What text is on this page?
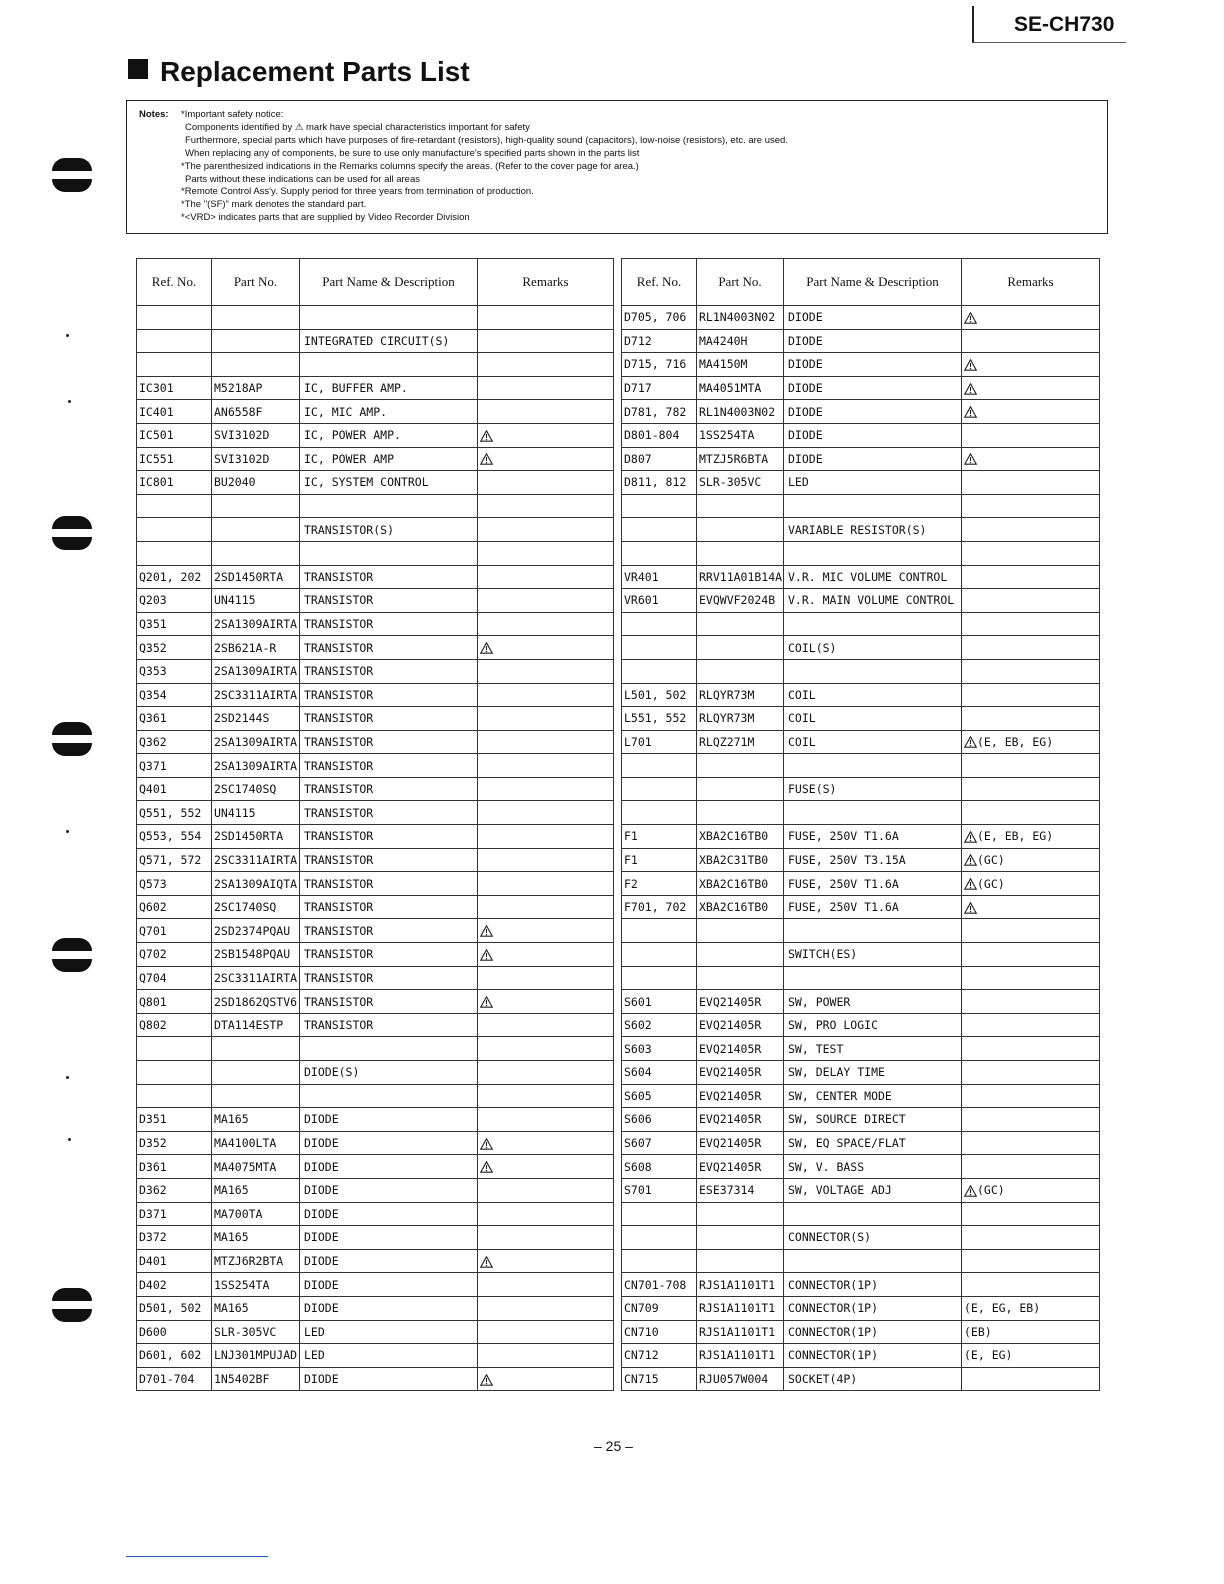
SE-CH730
Replacement Parts List
Notes: *Important safety notice:
Components identified by ⚠ mark have special characteristics important for safety
Furthermore, special parts which have purposes of fire-retardant (resistors), high-quality sound (capacitors), low-noise (resistors), etc. are used.
When replacing any of components, be sure to use only manufacture's specified parts shown in the parts list
*The parenthesized indications in the Remarks columns specify the areas. (Refer to the cover page for area.)
Parts without these indications can be used for all areas
*Remote Control Ass'y. Supply period for three years from termination of production.
*The "(SF)" mark denotes the standard part.
*<VRD> indicates parts that are supplied by Video Recorder Division
Ref. No.	Part No.	Part Name & Description	Remarks

		INTEGRATED CIRCUIT(S)	

IC301	M5218AP	IC, BUFFER AMP.	
IC401	AN6558F	IC, MIC AMP.	
IC501	SVI3102D	IC, POWER AMP.	

IC551	SVI3102D	IC, POWER AMP	

IC801	BU2040	IC, SYSTEM CONTROL	

		TRANSISTOR(S)	

Q201, 202	2SD1450RTA	TRANSISTOR	
Q203	UN4115	TRANSISTOR	
Q351	2SA1309AIRTA	TRANSISTOR	
Q352	2SB621A-R	TRANSISTOR	

Q353	2SA1309AIRTA	TRANSISTOR	
Q354	2SC3311AIRTA	TRANSISTOR	
Q361	2SD2144S	TRANSISTOR	
Q362	2SA1309AIRTA	TRANSISTOR	
Q371	2SA1309AIRTA	TRANSISTOR	
Q401	2SC1740SQ	TRANSISTOR	
Q551, 552	UN4115	TRANSISTOR	
Q553, 554	2SD1450RTA	TRANSISTOR	
Q571, 572	2SC3311AIRTA	TRANSISTOR	
Q573	2SA1309AIQTA	TRANSISTOR	
Q602	2SC1740SQ	TRANSISTOR	
Q701	2SD2374PQAU	TRANSISTOR	

Q702	2SB1548PQAU	TRANSISTOR	

Q704	2SC3311AIRTA	TRANSISTOR	
Q801	2SD1862QSTV6	TRANSISTOR	

Q802	DTA114ESTP	TRANSISTOR	

		DIODE(S)	

D351	MA165	DIODE	
D352	MA4100LTA	DIODE	

D361	MA4075MTA	DIODE	

D362	MA165	DIODE	
D371	MA700TA	DIODE	
D372	MA165	DIODE	
D401	MTZJ6R2BTA	DIODE	

D402	1SS254TA	DIODE	
D501, 502	MA165	DIODE	
D600	SLR-305VC	LED	
D601, 602	LNJ301MPUJAD	LED	
D701-704	1N5402BF	DIODE	
Ref. No.	Part No.	Part Name & Description	Remarks
D705, 706	RL1N4003N02	DIODE	

D712	MA4240H	DIODE	
D715, 716	MA4150M	DIODE	

D717	MA4051MTA	DIODE	

D781, 782	RL1N4003N02	DIODE	

D801-804	1SS254TA	DIODE	
D807	MTZJ5R6BTA	DIODE	

D811, 812	SLR-305VC	LED	

		VARIABLE RESISTOR(S)	

VR401	RRV11A01B14A	V.R. MIC VOLUME CONTROL	
VR601	EVQWVF2024B	V.R. MAIN VOLUME CONTROL	

		COIL(S)	

L501, 502	RLQYR73M	COIL	
L551, 552	RLQYR73M	COIL	
L701	RLQZ271M	COIL	(E, EB, EG)

		FUSE(S)	

F1	XBA2C16TB0	FUSE, 250V T1.6A	(E, EB, EG)
F1	XBA2C31TB0	FUSE, 250V T3.15A	(GC)
F2	XBA2C16TB0	FUSE, 250V T1.6A	(GC)
F701, 702	XBA2C16TB0	FUSE, 250V T1.6A	

		SWITCH(ES)	

S601	EVQ21405R	SW, POWER	
S602	EVQ21405R	SW, PRO LOGIC	
S603	EVQ21405R	SW, TEST	
S604	EVQ21405R	SW, DELAY TIME	
S605	EVQ21405R	SW, CENTER MODE	
S606	EVQ21405R	SW, SOURCE DIRECT	
S607	EVQ21405R	SW, EQ SPACE/FLAT	
S608	EVQ21405R	SW, V. BASS	
S701	ESE37314	SW, VOLTAGE ADJ	(GC)

		CONNECTOR(S)	

CN701-708	RJS1A1101T1	CONNECTOR(1P)	
CN709	RJS1A1101T1	CONNECTOR(1P)	(E, EG, EB)
CN710	RJS1A1101T1	CONNECTOR(1P)	(EB)
CN712	RJS1A1101T1	CONNECTOR(1P)	(E, EG)
CN715	RJU057W004	SOCKET(4P)	
– 25 –
